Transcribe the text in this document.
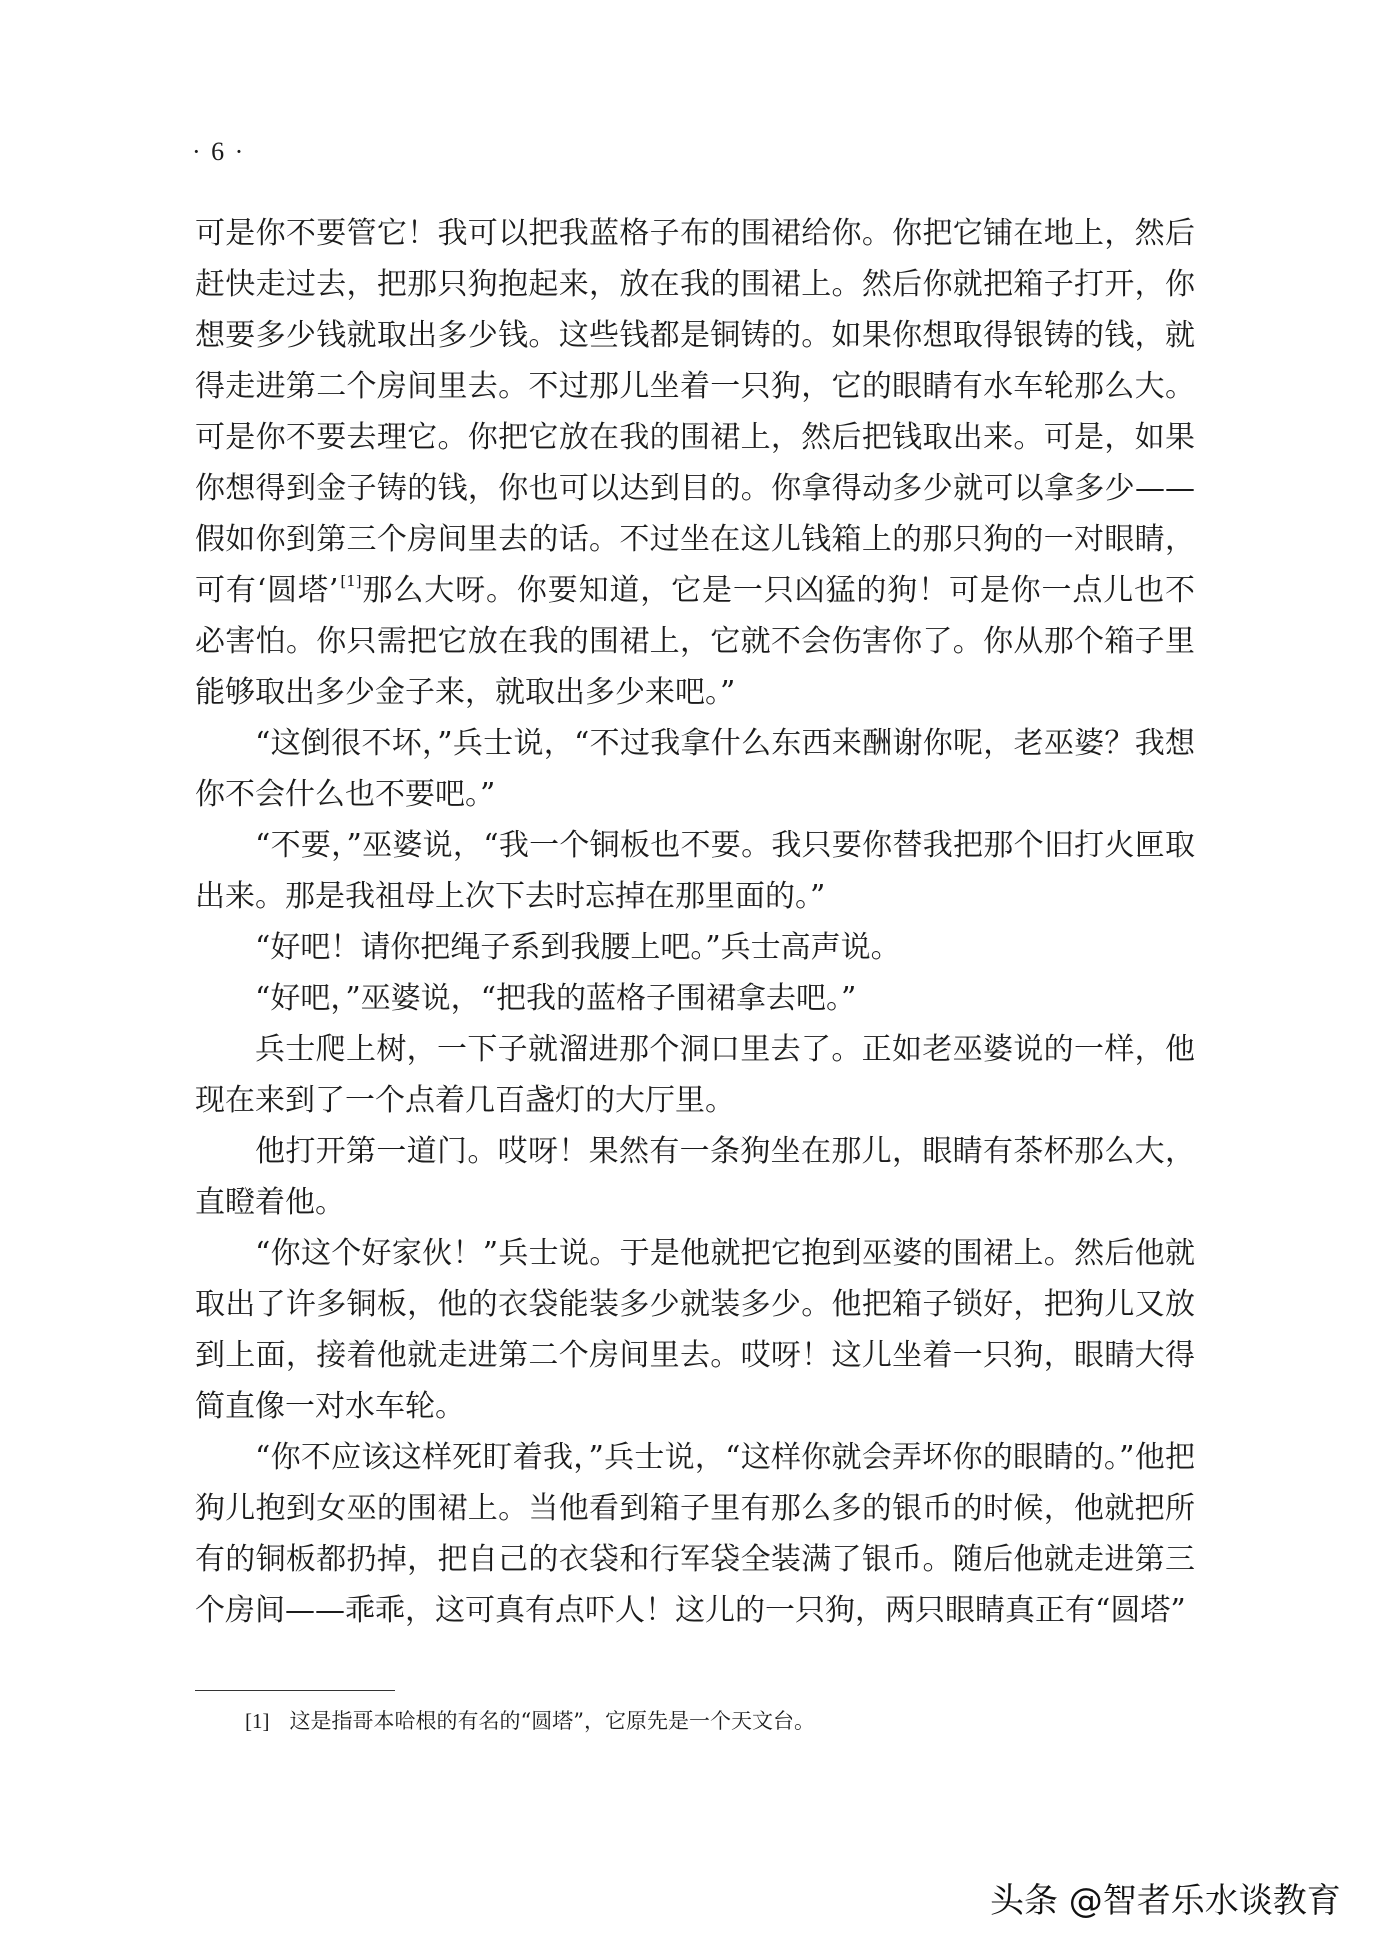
· 6 ·

可是你不要管它！我可以把我蓝格子布的围裙给你。你把它铺在地上，然后赶快走过去，把那只狗抱起来，放在我的围裙上。然后你就把箱子打开，你想要多少钱就取出多少钱。这些钱都是铜铸的。如果你想取得银铸的钱，就得走进第二个房间里去。不过那儿坐着一只狗，它的眼睛有水车轮那么大。可是你不要去理它。你把它放在我的围裙上，然后把钱取出来。可是，如果你想得到金子铸的钱，你也可以达到目的。你拿得动多少就可以拿多少——假如你到第三个房间里去的话。不过坐在这儿钱箱上的那只狗的一对眼睛，可有‘圆塔’ [1]那么大呀。你要知道，它是一只凶猛的狗！可是你一点儿也不必害怕。你只需把它放在我的围裙上，它就不会伤害你了。你从那个箱子里能够取出多少金子来，就取出多少来吧。”

“这倒很不坏，”兵士说，“不过我拿什么东西来酬谢你呢，老巫婆？我想你不会什么也不要吧。”

“不要，”巫婆说，“我一个铜板也不要。我只要你替我把那个旧打火匣取出来。那是我祖母上次下去时忘掉在那里面的。”

“好吧！请你把绳子系到我腰上吧。”兵士高声说。

“好吧，”巫婆说，“把我的蓝格子围裙拿去吧。”

兵士爬上树，一下子就溜进那个洞口里去了。正如老巫婆说的一样，他现在来到了一个点着几百盏灯的大厅里。

他打开第一道门。哎呀！果然有一条狗坐在那儿，眼睛有茶杯那么大，直瞪着他。

“你这个好家伙！”兵士说。于是他就把它抱到巫婆的围裙上。然后他就取出了许多铜板，他的衣袋能装多少就装多少。他把箱子锁好，把狗儿又放到上面，接着他就走进第二个房间里去。哎呀！这儿坐着一只狗，眼睛大得简直像一对水车轮。

“你不应该这样死盯着我，”兵士说，“这样你就会弄坏你的眼睛的。”他把狗儿抱到女巫的围裙上。当他看到箱子里有那么多的银币的时候，他就把所有的铜板都扔掉，把自己的衣袋和行军袋全装满了银币。随后他就走进第三个房间——乖乖，这可真有点吓人！这儿的一只狗，两只眼睛真正有“圆塔”

[1] 这是指哥本哈根的有名的“圆塔”，它原先是一个天文台。

头条 @智者乐水谈教育
